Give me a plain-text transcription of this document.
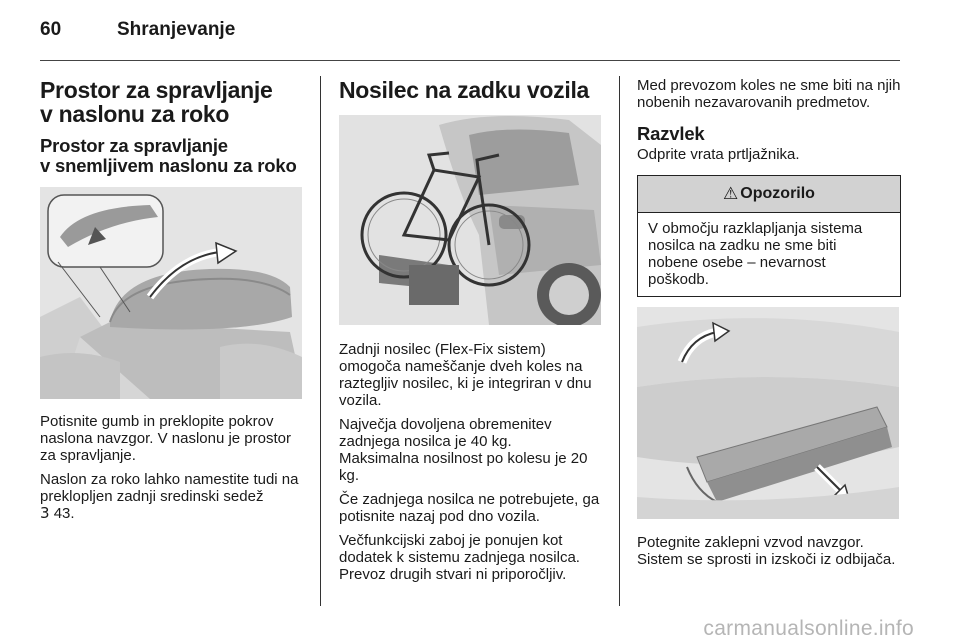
60	Shranjevanje
Prostor za spravljanje
v naslonu za roko
Prostor za spravljanje
v snemljivem naslonu za roko
Potisnite gumb in preklopite pokrov naslona navzgor. V naslonu je prostor za spravljanje.
Naslon za roko lahko namestite tudi na preklopljen zadnji sredinski sedež
3 43.
Nosilec na zadku vozila
Zadnji nosilec (Flex-Fix sistem) omogoča nameščanje dveh koles na raztegljiv nosilec, ki je integriran v dnu vozila.
Največja dovoljena obremenitev zadnjega nosilca je 40 kg.
Maksimalna nosilnost po kolesu je 20 kg.
Če zadnjega nosilca ne potrebujete, ga potisnite nazaj pod dno vozila.
Večfunkcijski zaboj je ponujen kot dodatek k sistemu zadnjega nosilca. Prevoz drugih stvari ni priporočljiv.
Med prevozom koles ne sme biti na njih nobenih nezavarovanih predmetov.
Razvlek
Odprite vrata prtljažnika.
⚠ Opozorilo
V območju razklapljanja sistema nosilca na zadku ne sme biti nobene osebe – nevarnost poškodb.
Potegnite zaklepni vzvod navzgor. Sistem se sprosti in izskoči iz odbijača.
carmanualsonline.info
